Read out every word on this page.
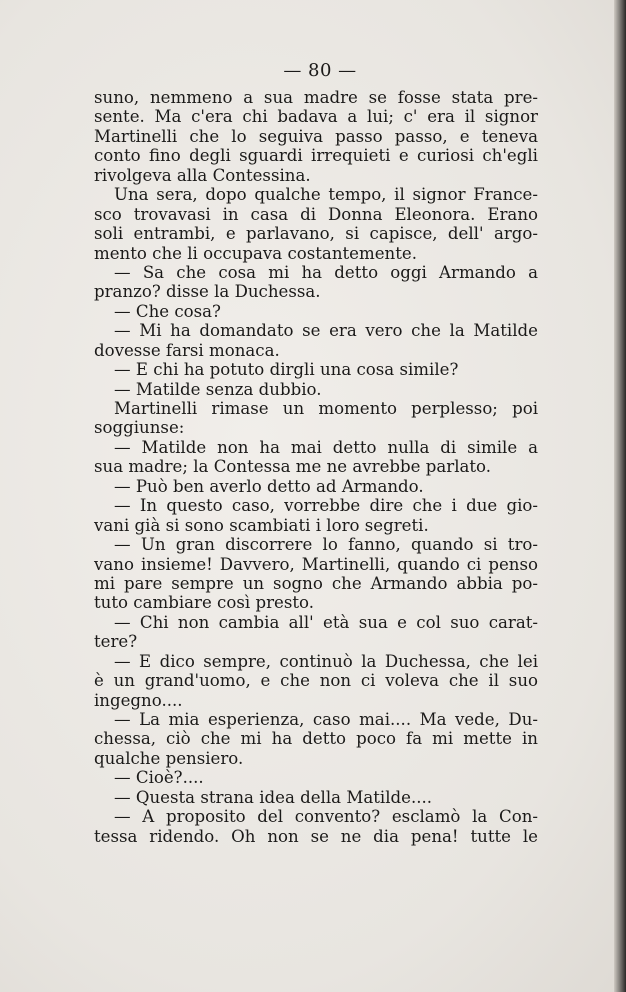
— 80 —
suno, nemmeno a sua madre se fosse stata pre-
sente. Ma c'era chi badava a lui; c' era il signor
Martinelli che lo seguiva passo passo, e teneva
conto fino degli sguardi irrequieti e curiosi ch'egli
rivolgeva alla Contessina.
Una sera, dopo qualche tempo, il signor France-
sco trovavasi in casa di Donna Eleonora. Erano
soli entrambi, e parlavano, si capisce, dell' argo-
mento che li occupava costantemente.
— Sa che cosa mi ha detto oggi Armando a
pranzo? disse la Duchessa.
— Che cosa?
— Mi ha domandato se era vero che la Matilde
dovesse farsi monaca.
— E chi ha potuto dirgli una cosa simile?
— Matilde senza dubbio.
Martinelli rimase un momento perplesso; poi
soggiunse:
— Matilde non ha mai detto nulla di simile a
sua madre; la Contessa me ne avrebbe parlato.
— Può ben averlo detto ad Armando.
— In questo caso, vorrebbe dire che i due gio-
vani già si sono scambiati i loro segreti.
— Un gran discorrere lo fanno, quando si tro-
vano insieme! Davvero, Martinelli, quando ci penso
mi pare sempre un sogno che Armando abbia po-
tuto cambiare così presto.
— Chi non cambia all' età sua e col suo carat-
tere?
— E dico sempre, continuò la Duchessa, che lei
è un grand'uomo, e che non ci voleva che il suo
ingegno....
— La mia esperienza, caso mai.... Ma vede, Du-
chessa, ciò che mi ha detto poco fa mi mette in
qualche pensiero.
— Cioè?....
— Questa strana idea della Matilde....
— A proposito del convento? esclamò la Con-
tessa ridendo. Oh non se ne dia pena! tutte le
